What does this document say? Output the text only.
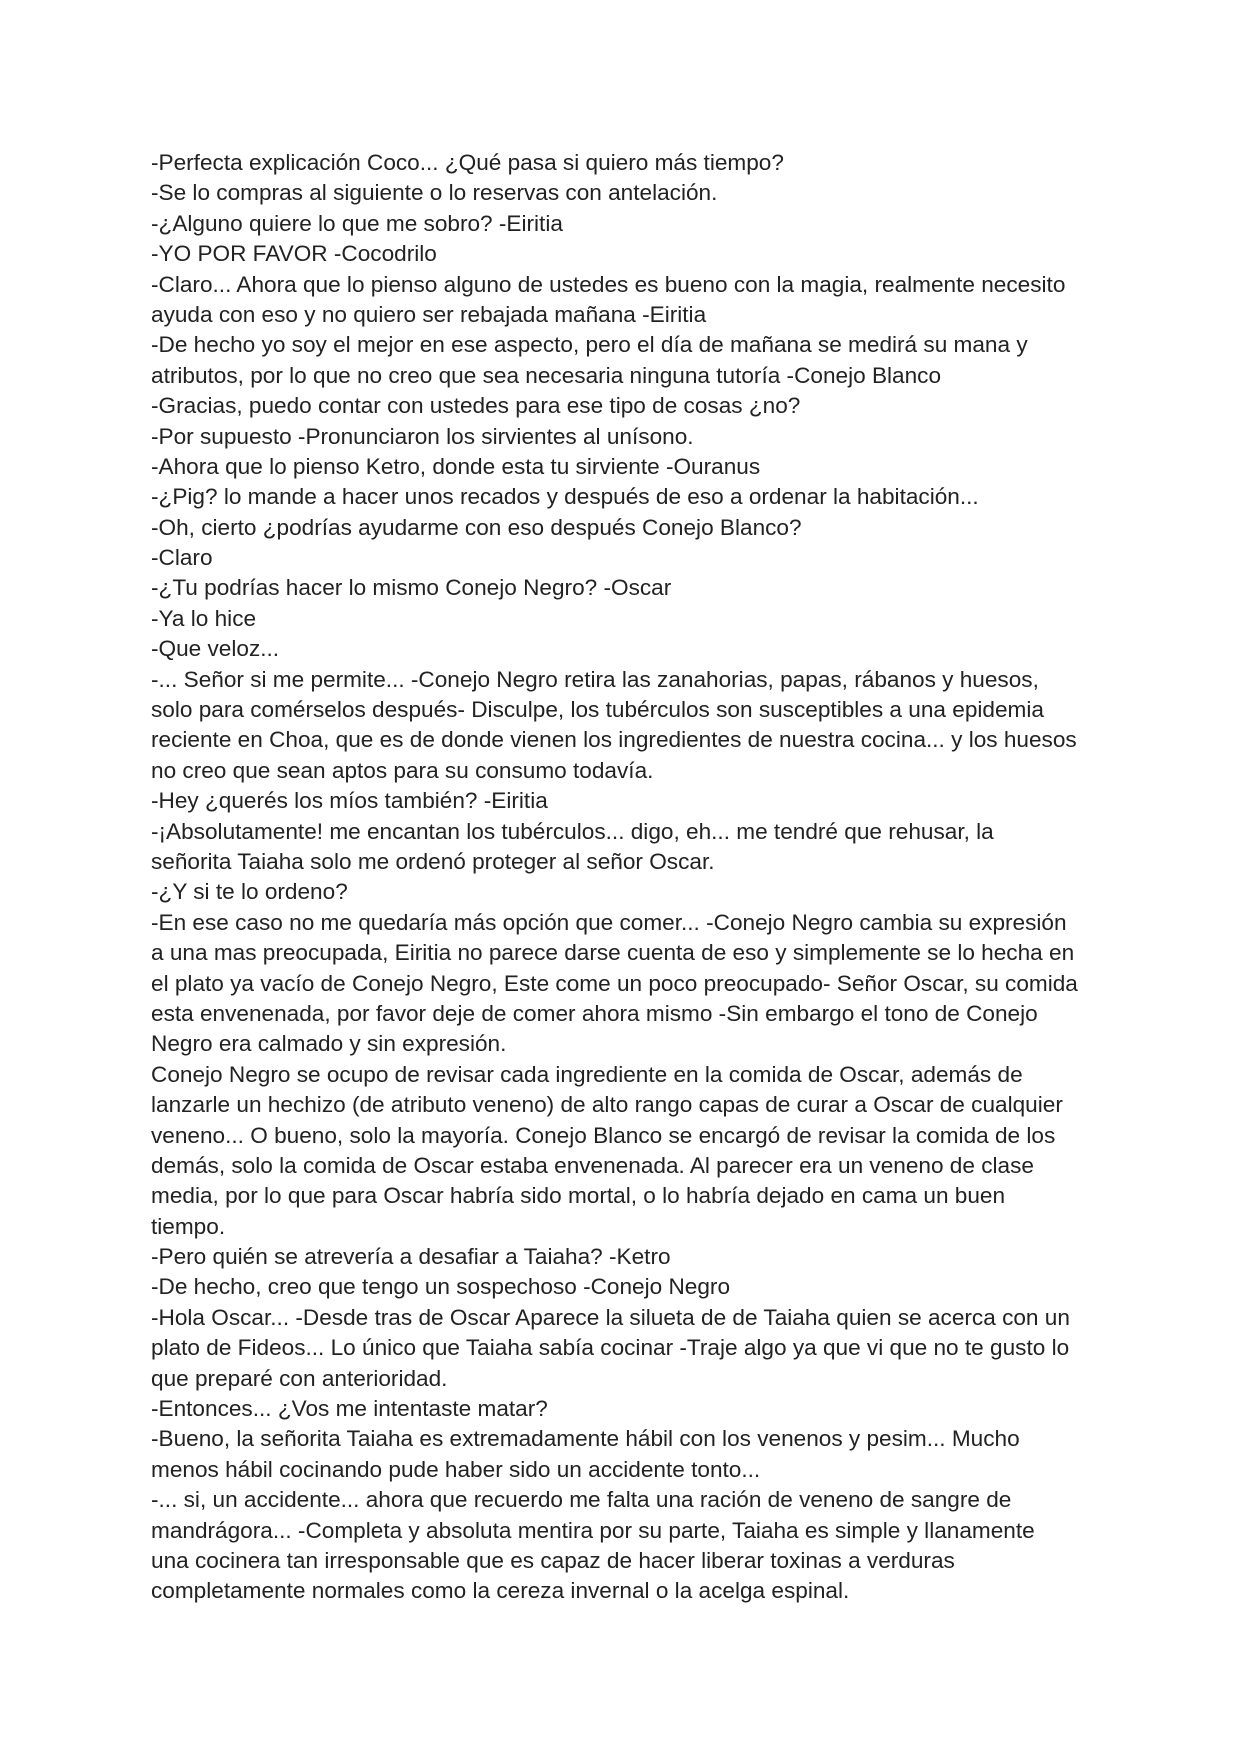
-Perfecta explicación Coco... ¿Qué pasa si quiero más tiempo?
-Se lo compras al siguiente o lo reservas con antelación.
-¿Alguno quiere lo que me sobro? -Eiritia
-YO POR FAVOR -Cocodrilo
-Claro... Ahora que lo pienso alguno de ustedes es bueno con la magia, realmente necesito
ayuda con eso y no quiero ser rebajada mañana -Eiritia
-De hecho yo soy el mejor en ese aspecto, pero el día de mañana se medirá su mana y
atributos, por lo que no creo que sea necesaria ninguna tutoría -Conejo Blanco
-Gracias, puedo contar con ustedes para ese tipo de cosas ¿no?
-Por supuesto -Pronunciaron los sirvientes al unísono.
-Ahora que lo pienso Ketro, donde esta tu sirviente -Ouranus
-¿Pig? lo mande a hacer unos recados y después de eso a ordenar la habitación...
-Oh, cierto ¿podrías ayudarme con eso después Conejo Blanco?
-Claro
-¿Tu podrías hacer lo mismo Conejo Negro? -Oscar
-Ya lo hice
-Que veloz...
-... Señor si me permite... -Conejo Negro retira las zanahorias, papas, rábanos y huesos,
solo para comérselos después- Disculpe, los tubérculos son susceptibles a una epidemia
reciente en Choa, que es de donde vienen los ingredientes de nuestra cocina... y los huesos
no creo que sean aptos para su consumo todavía.
-Hey ¿querés los míos también? -Eiritia
-¡Absolutamente! me encantan los tubérculos... digo, eh... me tendré que rehusar, la
señorita Taiaha solo me ordenó proteger al señor Oscar.
-¿Y si te lo ordeno?
-En ese caso no me quedaría más opción que comer... -Conejo Negro cambia su expresión
a una mas preocupada, Eiritia no parece darse cuenta de eso y simplemente se lo hecha en
el plato ya vacío de Conejo Negro, Este come un poco preocupado- Señor Oscar, su comida
esta envenenada, por favor deje de comer ahora mismo -Sin embargo el tono de Conejo
Negro era calmado y sin expresión.
Conejo Negro se ocupo de revisar cada ingrediente en la comida de Oscar, además de
lanzarle un hechizo (de atributo veneno) de alto rango capas de curar a Oscar de cualquier
veneno... O bueno, solo la mayoría. Conejo Blanco se encargó de revisar la comida de los
demás, solo la comida de Oscar estaba envenenada. Al parecer era un veneno de clase
media, por lo que para Oscar habría sido mortal, o lo habría dejado en cama un buen
tiempo.
-Pero quién se atrevería a desafiar a Taiaha? -Ketro
-De hecho, creo que tengo un sospechoso -Conejo Negro
-Hola Oscar... -Desde tras de Oscar Aparece la silueta de de Taiaha quien se acerca con un
plato de Fideos... Lo único que Taiaha sabía cocinar -Traje algo ya que vi que no te gusto lo
que preparé con anterioridad.
-Entonces... ¿Vos me intentaste matar?
-Bueno, la señorita Taiaha es extremadamente hábil con los venenos y pesim... Mucho
menos hábil cocinando pude haber sido un accidente tonto...
-... si, un accidente... ahora que recuerdo me falta una ración de veneno de sangre de
mandrágora... -Completa y absoluta mentira por su parte, Taiaha es simple y llanamente
una cocinera tan irresponsable que es capaz de hacer liberar toxinas a verduras
completamente normales como la cereza invernal o la acelga espinal.
